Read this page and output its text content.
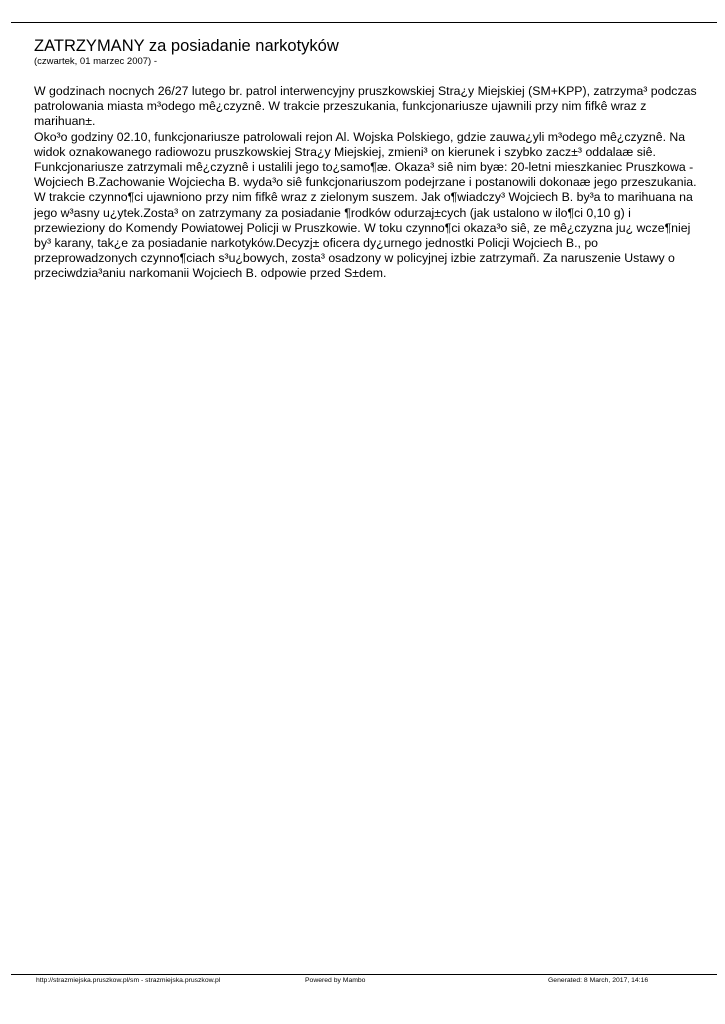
ZATRZYMANY za posiadanie narkotyków
(czwartek, 01 marzec 2007) -

W godzinach nocnych 26/27 lutego br. patrol interwencyjny pruszkowskiej Stra¿y Miejskiej (SM+KPP), zatrzyma³ podczas patrolowania miasta m³odego mê¿czyznê. W trakcie przeszukania, funkcjonariusze ujawnili przy nim fifkê wraz z marihuan±.

Oko³o godziny 02.10, funkcjonariusze patrolowali rejon Al. Wojska Polskiego, gdzie zauwa¿yli m³odego mê¿czyznê. Na widok oznakowanego radiowozu pruszkowskiej Stra¿y Miejskiej, zmieni³ on kierunek i szybko zacz±³ oddalaæ siê. Funkcjonariusze zatrzymali mê¿czyznê i ustalili jego to¿samo¶æ. Okaza³ siê nim byæ: 20-letni mieszkaniec Pruszkowa - Wojciech B.Zachowanie Wojciecha B. wyda³o siê funkcjonariuszom podejrzane i postanowili dokonaæ jego przeszukania. W trakcie czynno¶ci ujawniono przy nim fifkê wraz z zielonym suszem. Jak o¶wiadczy³ Wojciech B. by³a to marihuana na jego w³asny u¿ytek.Zosta³ on zatrzymany za posiadanie ¶rodków odurzaj±cych (jak ustalono w ilo¶ci 0,10 g) i przewieziony do Komendy Powiatowej Policji w Pruszkowie. W toku czynno¶ci okaza³o siê, ze mê¿czyzna ju¿ wcze¶niej by³ karany, tak¿e za posiadanie narkotyków.Decyzj± oficera dy¿urnego jednostki Policji Wojciech B., po przeprowadzonych czynno¶ciach s³u¿bowych, zosta³ osadzony w policyjnej izbie zatrzymañ. Za naruszenie Ustawy o przeciwdzia³aniu narkomanii Wojciech B. odpowie przed S±dem.

http://strazmiejska.pruszkow.pl/sm - strazmiejska.pruszkow.pl	Powered by Mambo	Generated: 8 March, 2017, 14:16
